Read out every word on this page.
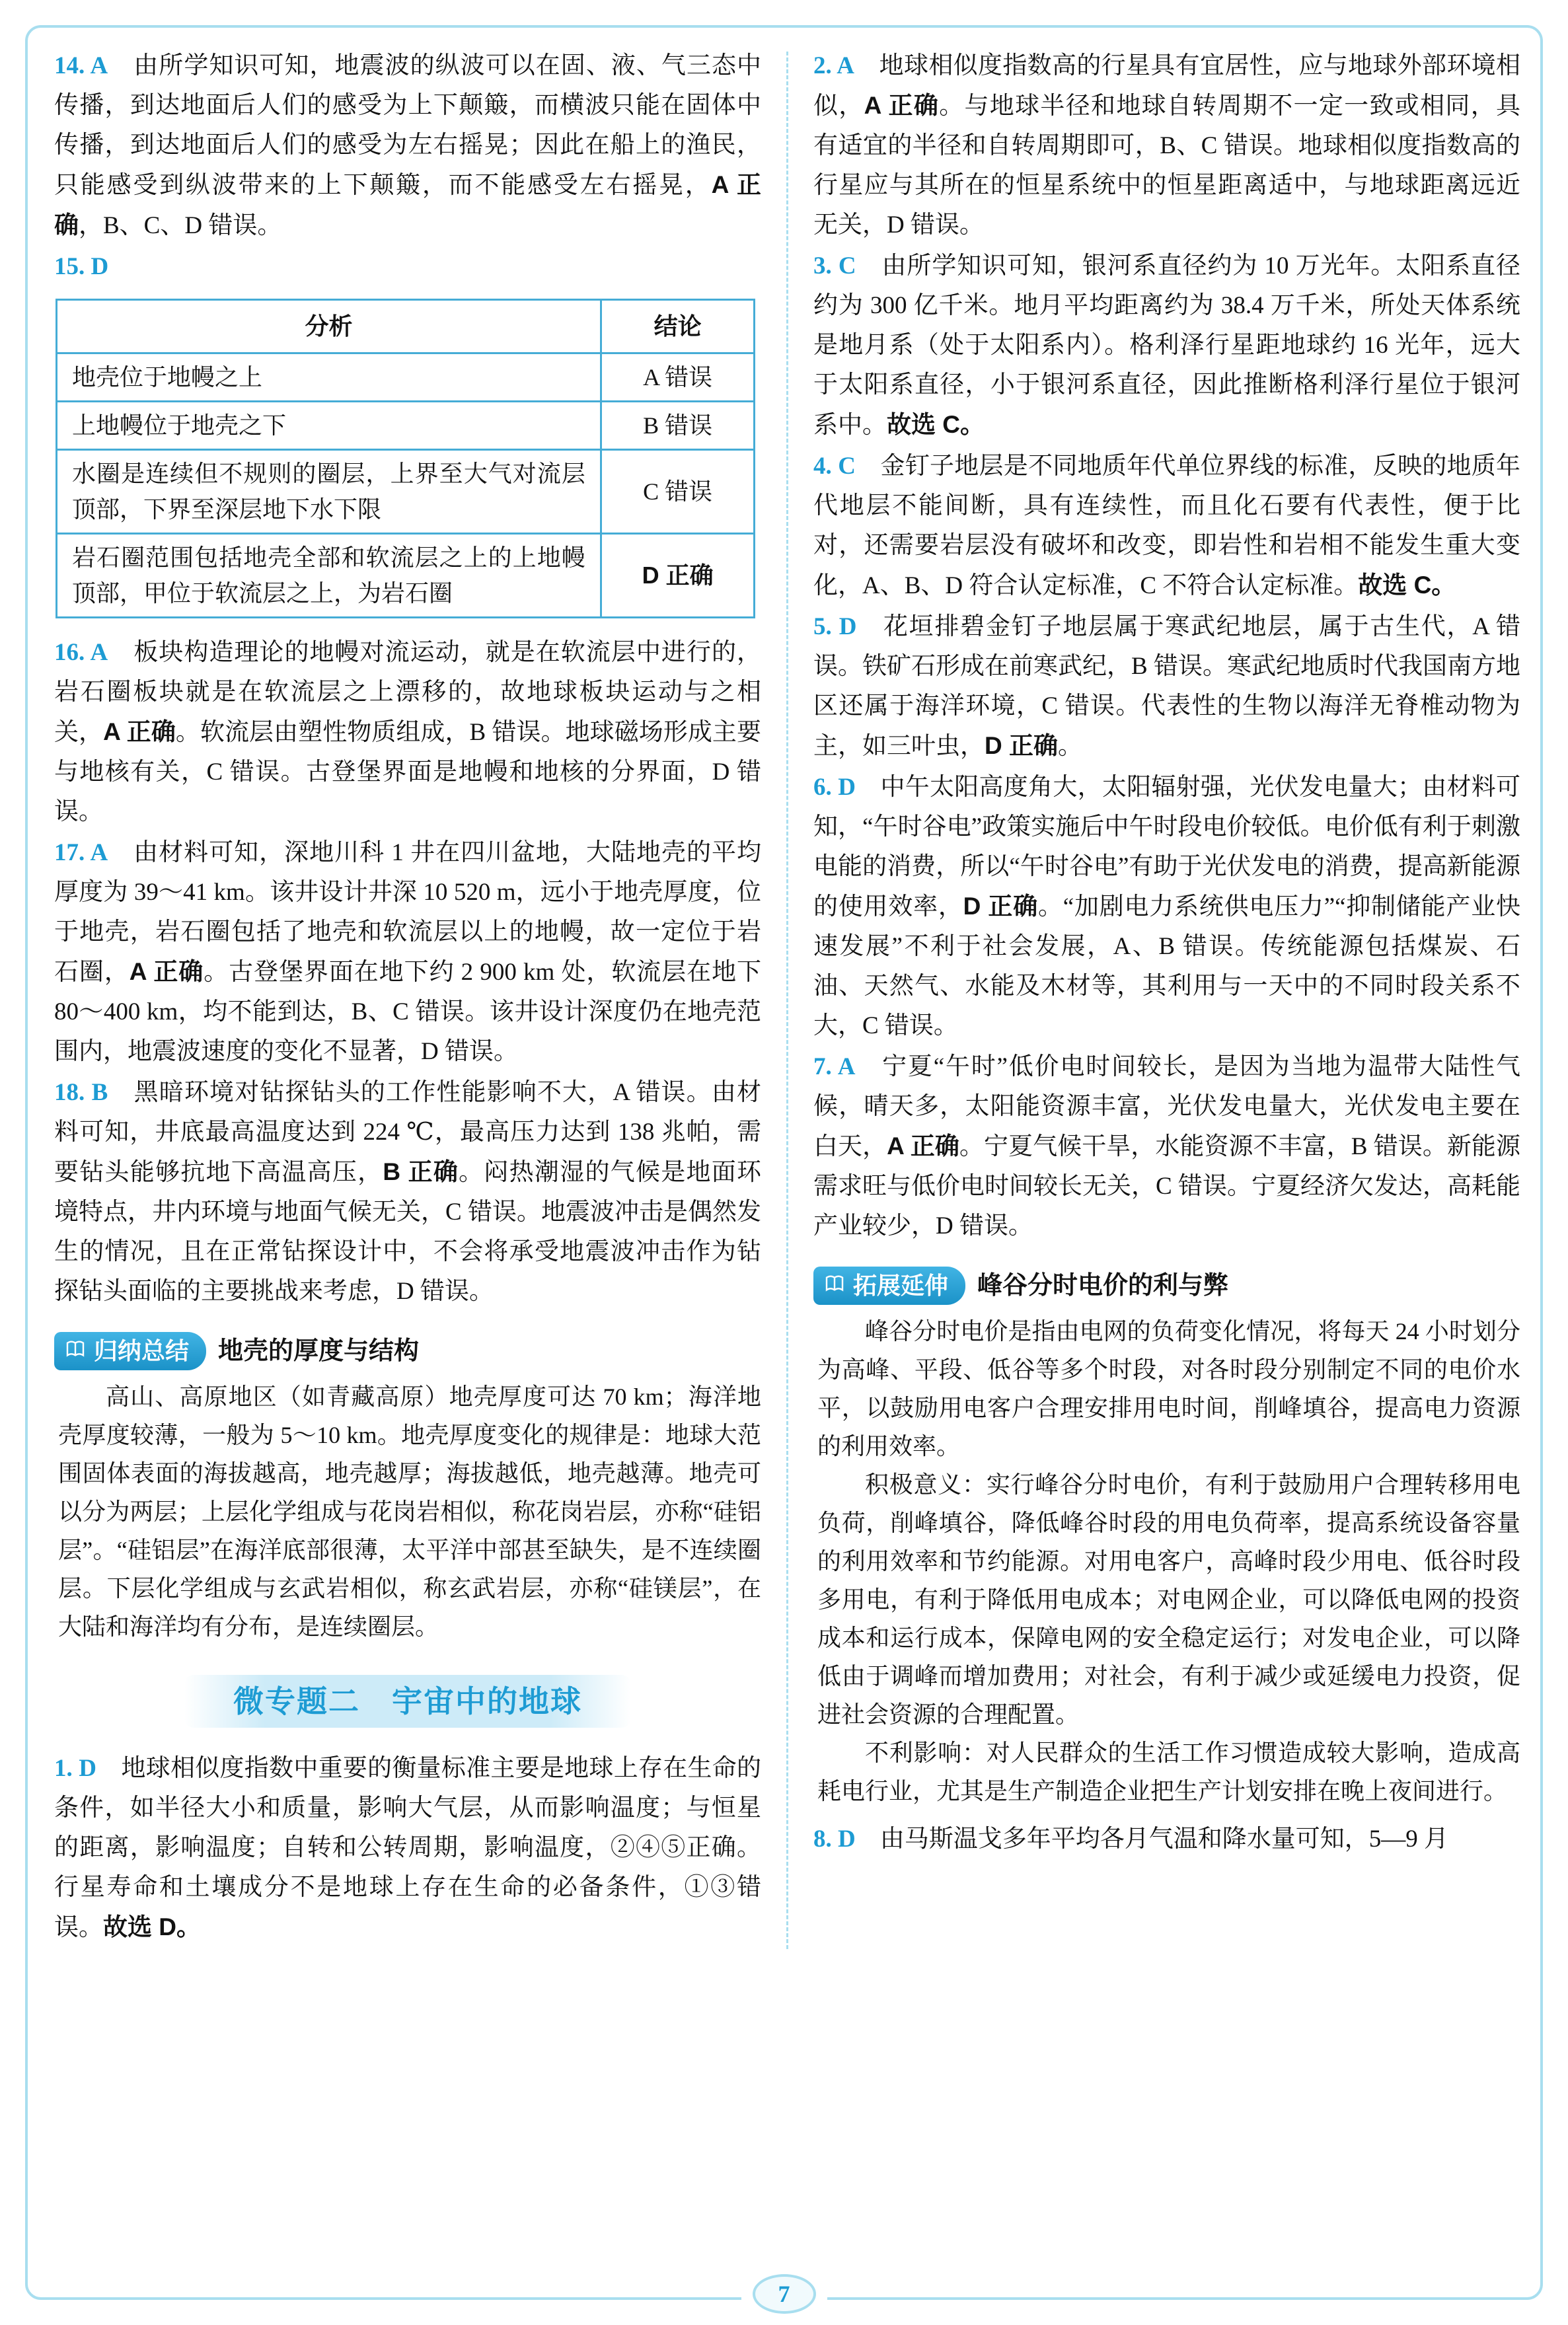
14. A　由所学知识可知，地震波的纵波可以在固、液、气三态中传播，到达地面后人们的感受为上下颠簸，而横波只能在固体中传播，到达地面后人们的感受为左右摇晃；因此在船上的渔民，只能感受到纵波带来的上下颠簸，而不能感受左右摇晃，A 正确，B、C、D 错误。
15. D
分析	结论
地壳位于地幔之上	A 错误
上地幔位于地壳之下	B 错误
水圈是连续但不规则的圈层，上界至大气对流层顶部，下界至深层地下水下限	C 错误
岩石圈范围包括地壳全部和软流层之上的上地幔顶部，甲位于软流层之上，为岩石圈	D 正确
16. A　板块构造理论的地幔对流运动，就是在软流层中进行的，岩石圈板块就是在软流层之上漂移的，故地球板块运动与之相关，A 正确。软流层由塑性物质组成，B 错误。地球磁场形成主要与地核有关，C 错误。古登堡界面是地幔和地核的分界面，D 错误。
17. A　由材料可知，深地川科 1 井在四川盆地，大陆地壳的平均厚度为 39～41 km。该井设计井深 10 520 m，远小于地壳厚度，位于地壳，岩石圈包括了地壳和软流层以上的地幔，故一定位于岩石圈，A 正确。古登堡界面在地下约 2 900 km 处，软流层在地下 80～400 km，均不能到达，B、C 错误。该井设计深度仍在地壳范围内，地震波速度的变化不显著，D 错误。
18. B　黑暗环境对钻探钻头的工作性能影响不大，A 错误。由材料可知，井底最高温度达到 224 ℃，最高压力达到 138 兆帕，需要钻头能够抗地下高温高压，B 正确。闷热潮湿的气候是地面环境特点，井内环境与地面气候无关，C 错误。地震波冲击是偶然发生的情况，且在正常钻探设计中，不会将承受地震波冲击作为钻探钻头面临的主要挑战来考虑，D 错误。
归纳总结 地壳的厚度与结构
高山、高原地区（如青藏高原）地壳厚度可达 70 km；海洋地壳厚度较薄，一般为 5～10 km。地壳厚度变化的规律是：地球大范围固体表面的海拔越高，地壳越厚；海拔越低，地壳越薄。地壳可以分为两层；上层化学组成与花岗岩相似，称花岗岩层，亦称“硅铝层”。“硅铝层”在海洋底部很薄，太平洋中部甚至缺失，是不连续圈层。下层化学组成与玄武岩相似，称玄武岩层，亦称“硅镁层”，在大陆和海洋均有分布，是连续圈层。
微专题二　宇宙中的地球
1. D　地球相似度指数中重要的衡量标准主要是地球上存在生命的条件，如半径大小和质量，影响大气层，从而影响温度；与恒星的距离，影响温度；自转和公转周期，影响温度，②④⑤正确。行星寿命和土壤成分不是地球上存在生命的必备条件，①③错误。故选 D。
2. A　地球相似度指数高的行星具有宜居性，应与地球外部环境相似，A 正确。与地球半径和地球自转周期不一定一致或相同，具有适宜的半径和自转周期即可，B、C 错误。地球相似度指数高的行星应与其所在的恒星系统中的恒星距离适中，与地球距离远近无关，D 错误。
3. C　由所学知识可知，银河系直径约为 10 万光年。太阳系直径约为 300 亿千米。地月平均距离约为 38.4 万千米，所处天体系统是地月系（处于太阳系内）。格利泽行星距地球约 16 光年，远大于太阳系直径，小于银河系直径，因此推断格利泽行星位于银河系中。故选 C。
4. C　金钉子地层是不同地质年代单位界线的标准，反映的地质年代地层不能间断，具有连续性，而且化石要有代表性，便于比对，还需要岩层没有破坏和改变，即岩性和岩相不能发生重大变化，A、B、D 符合认定标准，C 不符合认定标准。故选 C。
5. D　花垣排碧金钉子地层属于寒武纪地层，属于古生代，A 错误。铁矿石形成在前寒武纪，B 错误。寒武纪地质时代我国南方地区还属于海洋环境，C 错误。代表性的生物以海洋无脊椎动物为主，如三叶虫，D 正确。
6. D　中午太阳高度角大，太阳辐射强，光伏发电量大；由材料可知，“午时谷电”政策实施后中午时段电价较低。电价低有利于刺激电能的消费，所以“午时谷电”有助于光伏发电的消费，提高新能源的使用效率，D 正确。“加剧电力系统供电压力”“抑制储能产业快速发展”不利于社会发展，A、B 错误。传统能源包括煤炭、石油、天然气、水能及木材等，其利用与一天中的不同时段关系不大，C 错误。
7. A　宁夏“午时”低价电时间较长，是因为当地为温带大陆性气候，晴天多，太阳能资源丰富，光伏发电量大，光伏发电主要在白天，A 正确。宁夏气候干旱，水能资源不丰富，B 错误。新能源需求旺与低价电时间较长无关，C 错误。宁夏经济欠发达，高耗能产业较少，D 错误。
拓展延伸 峰谷分时电价的利与弊
峰谷分时电价是指由电网的负荷变化情况，将每天 24 小时划分为高峰、平段、低谷等多个时段，对各时段分别制定不同的电价水平，以鼓励用电客户合理安排用电时间，削峰填谷，提高电力资源的利用效率。
积极意义：实行峰谷分时电价，有利于鼓励用户合理转移用电负荷，削峰填谷，降低峰谷时段的用电负荷率，提高系统设备容量的利用效率和节约能源。对用电客户，高峰时段少用电、低谷时段多用电，有利于降低用电成本；对电网企业，可以降低电网的投资成本和运行成本，保障电网的安全稳定运行；对发电企业，可以降低由于调峰而增加费用；对社会，有利于减少或延缓电力投资，促进社会资源的合理配置。
不利影响：对人民群众的生活工作习惯造成较大影响，造成高耗电行业，尤其是生产制造企业把生产计划安排在晚上夜间进行。
8. D　由马斯温戈多年平均各月气温和降水量可知，5—9 月
7
